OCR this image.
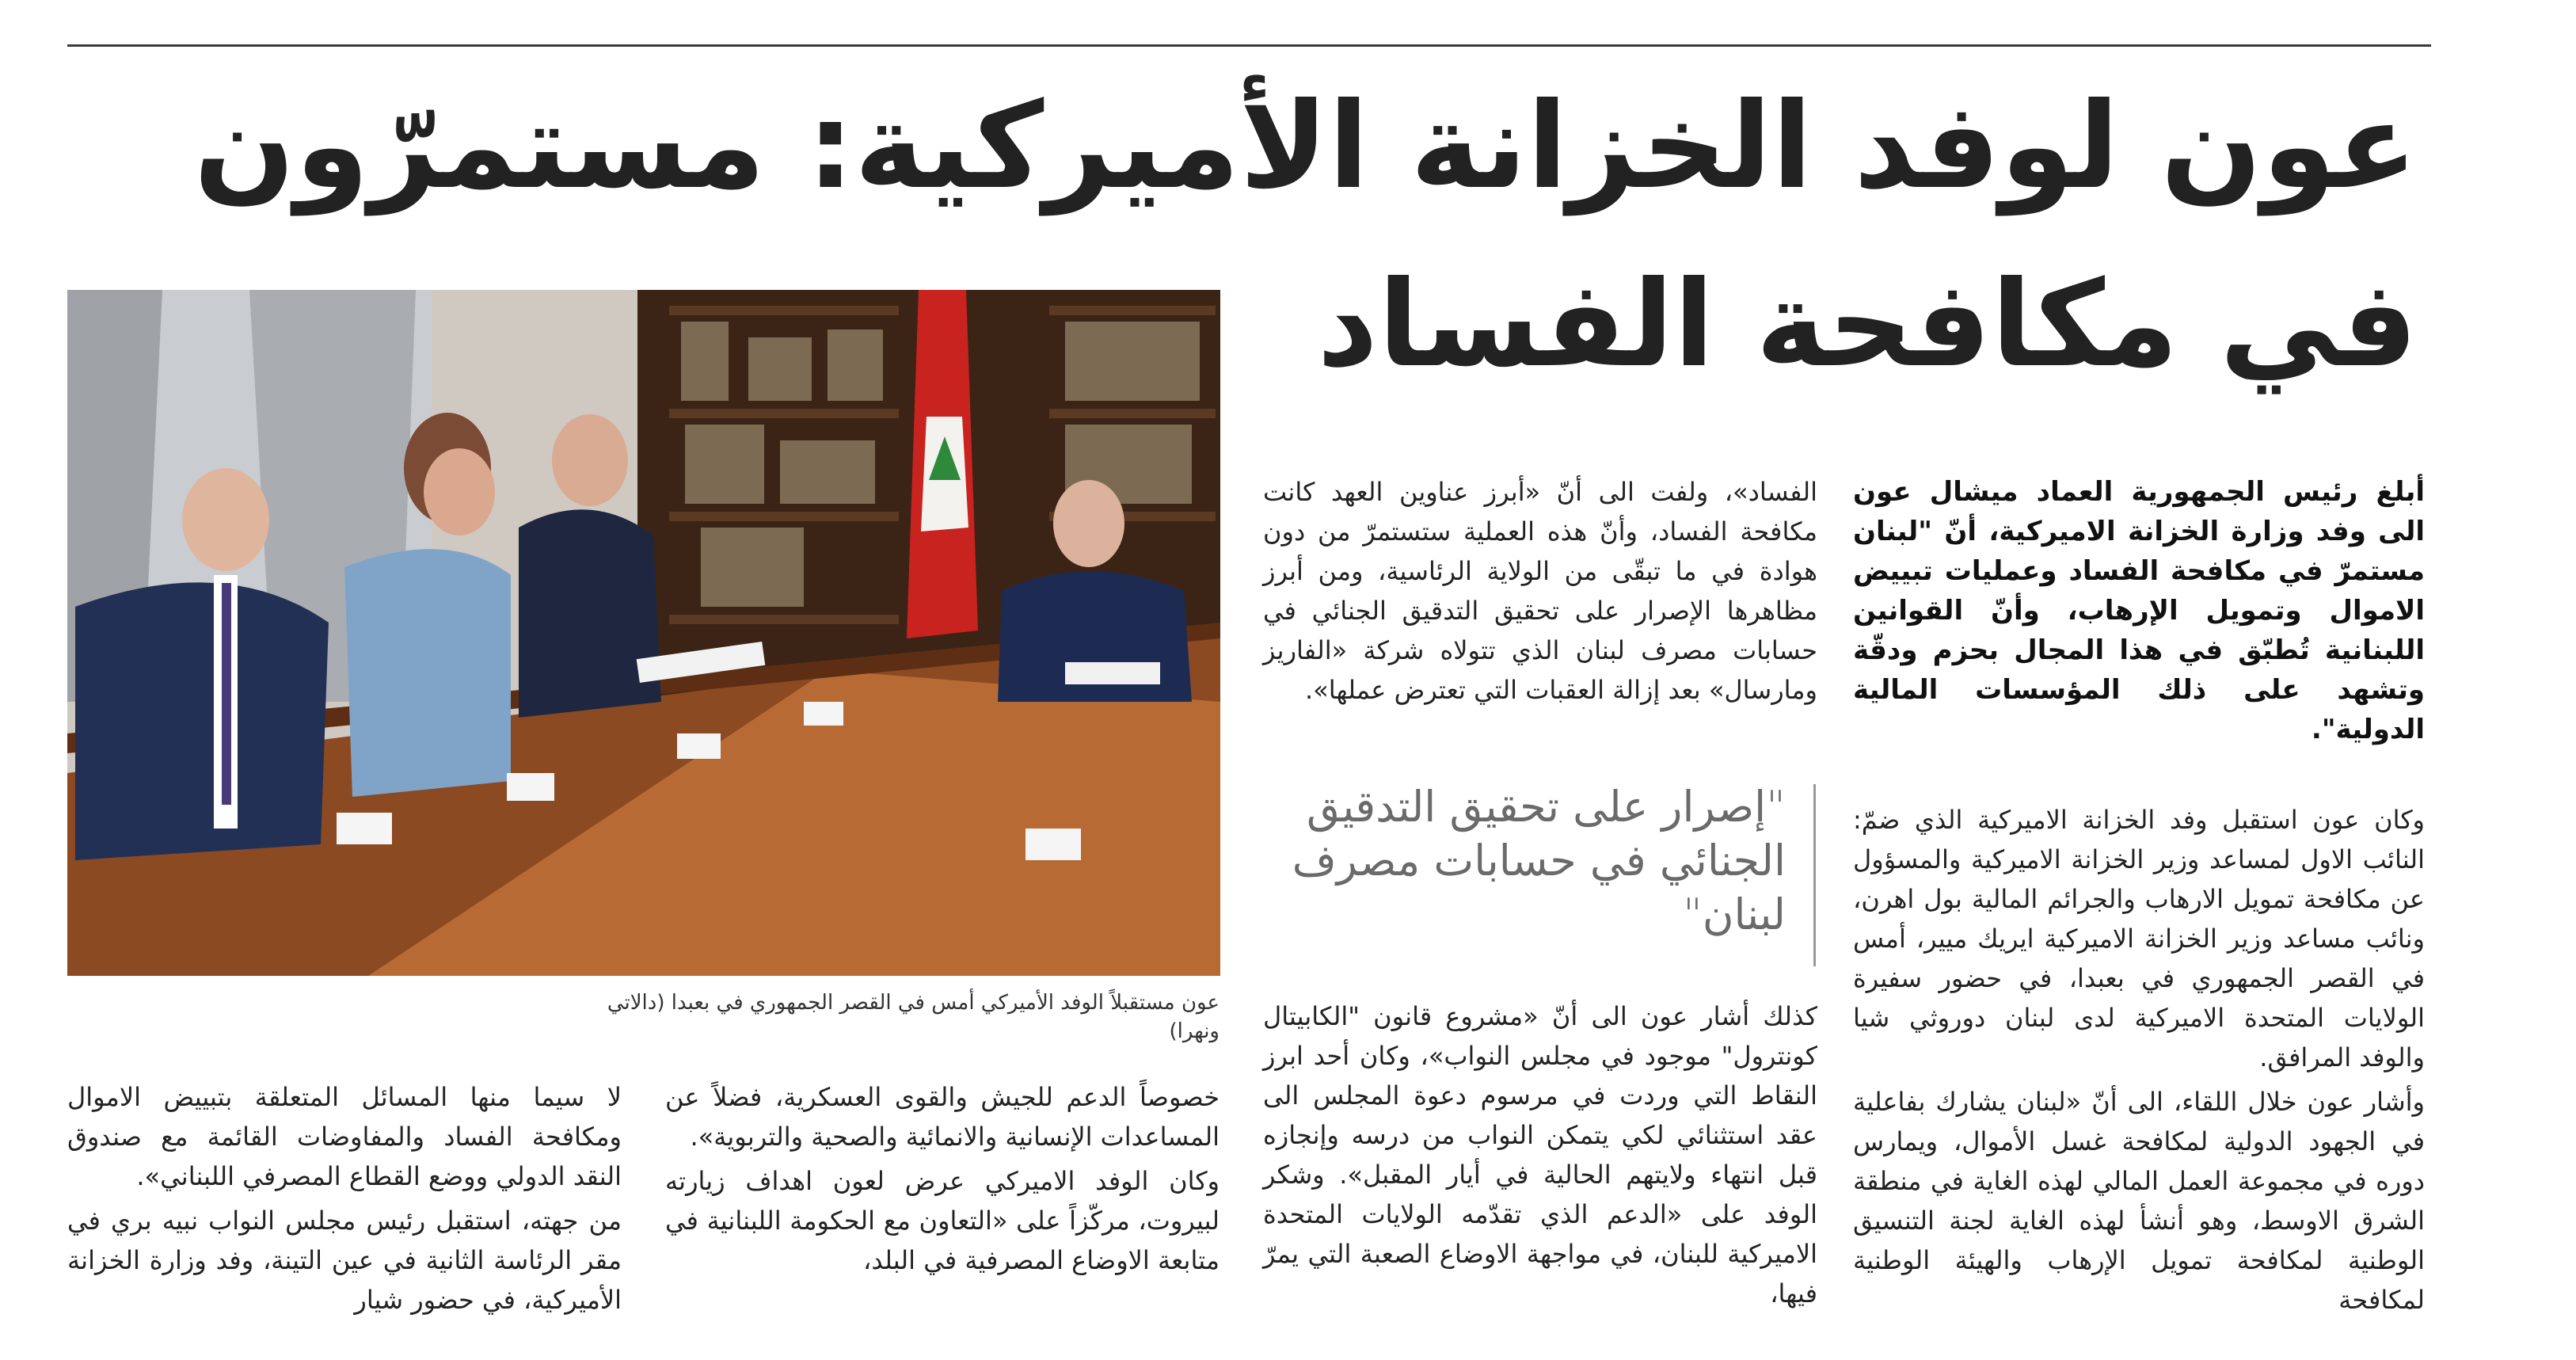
عون لوفد الخزانة الأميركية: مستمرّون
في مكافحة الفساد
عون مستقبلاً الوفد الأميركي أمس في القصر الجمهوري في بعبدا (دالاتي ونهرا)

أبلغ رئيس الجمهورية العماد ميشال عون الى وفد وزارة الخزانة الاميركية، أنّ "لبنان مستمرّ في مكافحة الفساد وعمليات تبييض الاموال وتمويل الإرهاب، وأنّ القوانين اللبنانية تُطبّق في هذا المجال بحزم ودقّة وتشهد على ذلك المؤسسات المالية الدولية".

وكان عون استقبل وفد الخزانة الاميركية الذي ضمّ: النائب الاول لمساعد وزير الخزانة الاميركية والمسؤول عن مكافحة تمويل الارهاب والجرائم المالية بول اهرن، ونائب مساعد وزير الخزانة الاميركية ايريك ميير، أمس في القصر الجمهوري في بعبدا، في حضور سفيرة الولايات المتحدة الاميركية لدى لبنان دوروثي شيا والوفد المرافق.

وأشار عون خلال اللقاء، الى أنّ «لبنان يشارك بفاعلية في الجهود الدولية لمكافحة غسل الأموال، ويمارس دوره في مجموعة العمل المالي لهذه الغاية في منطقة الشرق الاوسط، وهو أنشأ لهذه الغاية لجنة التنسيق الوطنية لمكافحة تمويل الإرهاب والهيئة الوطنية لمكافحة

الفساد»، ولفت الى أنّ «أبرز عناوين العهد كانت مكافحة الفساد، وأنّ هذه العملية ستستمرّ من دون هوادة في ما تبقّى من الولاية الرئاسية، ومن أبرز مظاهرها الإصرار على تحقيق التدقيق الجنائي في حسابات مصرف لبنان الذي تتولاه شركة «الفاريز ومارسال» بعد إزالة العقبات التي تعترض عملها».

"إصرار على تحقيق التدقيق الجنائي في حسابات مصرف لبنان"

كذلك أشار عون الى أنّ «مشروع قانون "الكابيتال كونترول" موجود في مجلس النواب»، وكان أحد ابرز النقاط التي وردت في مرسوم دعوة المجلس الى عقد استثنائي لكي يتمكن النواب من درسه وإنجازه قبل انتهاء ولايتهم الحالية في أيار المقبل». وشكر الوفد على «الدعم الذي تقدّمه الولايات المتحدة الاميركية للبنان، في مواجهة الاوضاع الصعبة التي يمرّ فيها،

خصوصاً الدعم للجيش والقوى العسكرية، فضلاً عن المساعدات الإنسانية والانمائية والصحية والتربوية».

وكان الوفد الاميركي عرض لعون اهداف زيارته لبيروت، مركّزاً على «التعاون مع الحكومة اللبنانية في متابعة الاوضاع المصرفية في البلد،

لا سيما منها المسائل المتعلقة بتبييض الاموال ومكافحة الفساد والمفاوضات القائمة مع صندوق النقد الدولي ووضع القطاع المصرفي اللبناني».

من جهته، استقبل رئيس مجلس النواب نبيه بري في مقر الرئاسة الثانية في عين التينة، وفد وزارة الخزانة الأميركية، في حضور شيار
